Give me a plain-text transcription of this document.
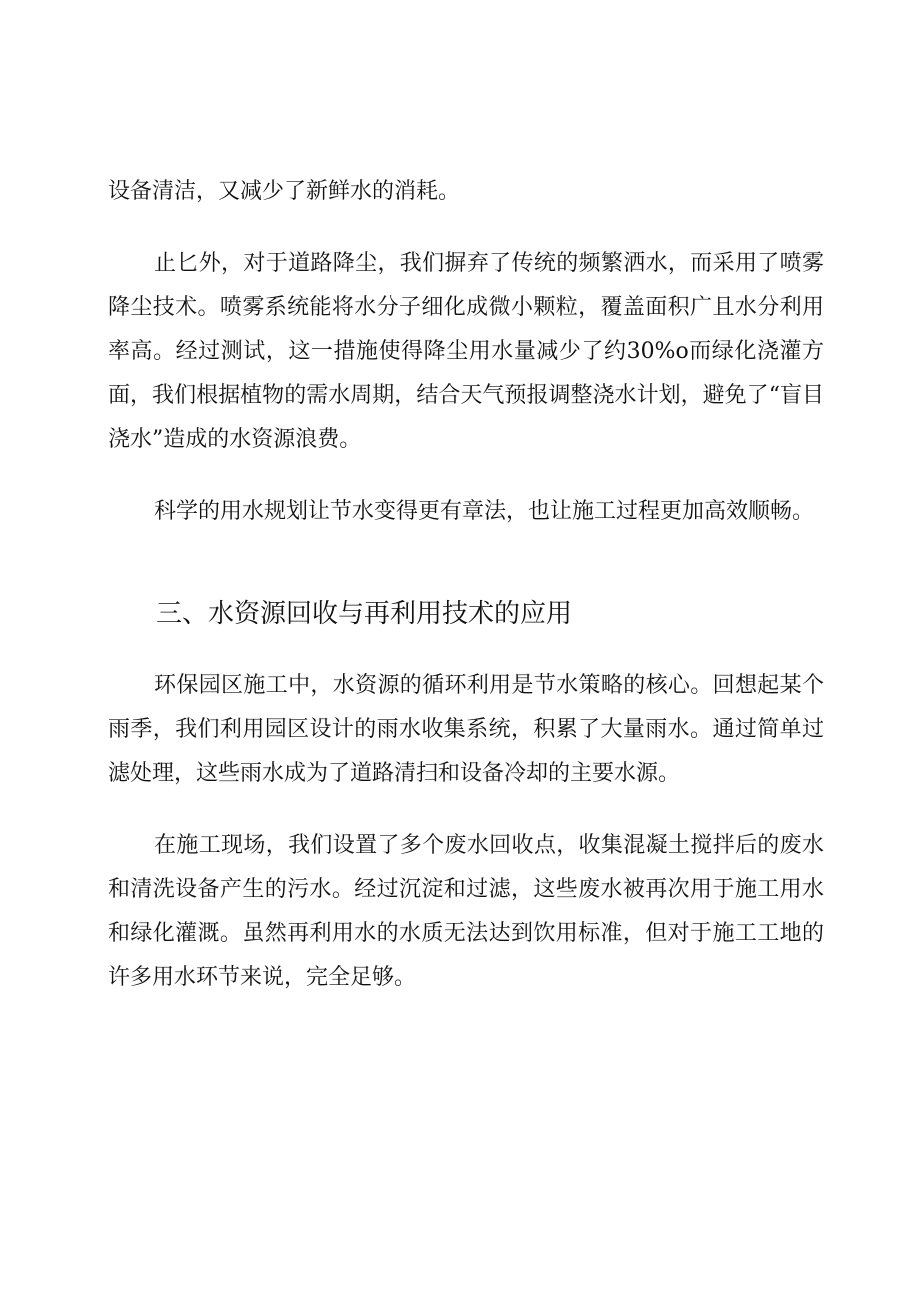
设备清洁，又减少了新鲜水的消耗。

止匕外，对于道路降尘，我们摒弃了传统的频繁洒水，而采用了喷雾降尘技术。喷雾系统能将水分子细化成微小颗粒，覆盖面积广且水分利用率高。经过测试，这一措施使得降尘用水量减少了约30%o而绿化浇灌方面，我们根据植物的需水周期，结合天气预报调整浇水计划，避免了“盲目浇水”造成的水资源浪费。

科学的用水规划让节水变得更有章法，也让施工过程更加高效顺畅。

三、水资源回收与再利用技术的应用

环保园区施工中，水资源的循环利用是节水策略的核心。回想起某个雨季，我们利用园区设计的雨水收集系统，积累了大量雨水。通过简单过滤处理，这些雨水成为了道路清扫和设备冷却的主要水源。

在施工现场，我们设置了多个废水回收点，收集混凝土搅拌后的废水和清洗设备产生的污水。经过沉淀和过滤，这些废水被再次用于施工用水和绿化灌溉。虽然再利用水的水质无法达到饮用标准，但对于施工工地的许多用水环节来说，完全足够。
